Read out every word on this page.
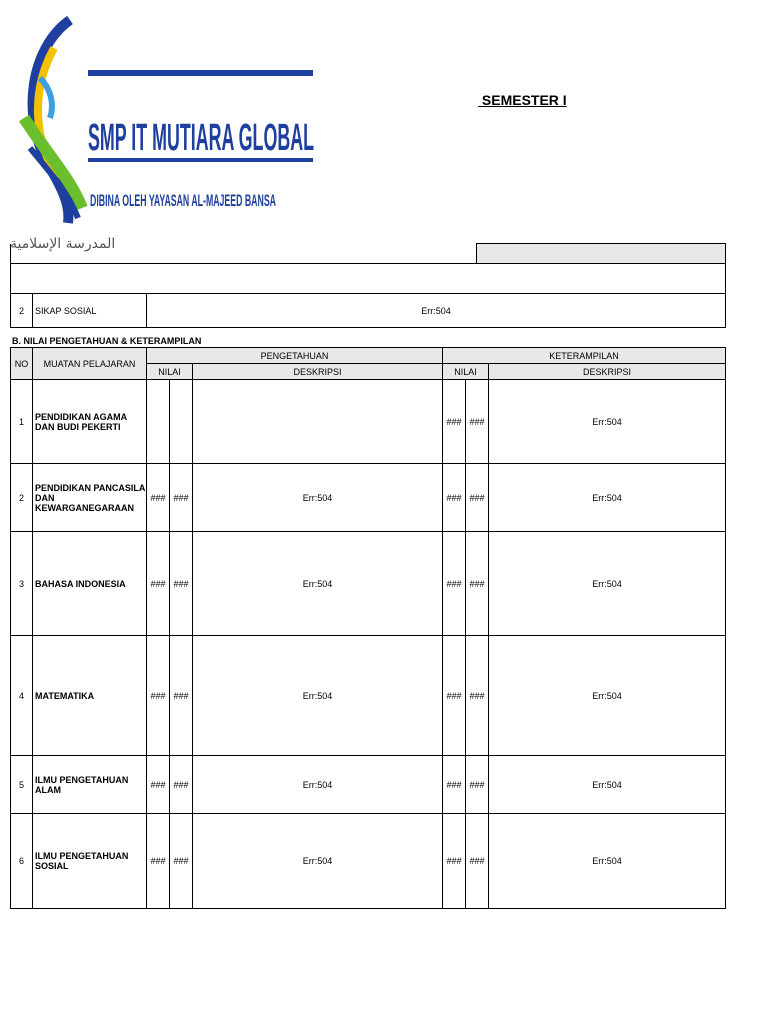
SMP IT MUTIARA GLOBAL
DIBINA OLEH YAYASAN AL-MAJEED BANSA
المدرسة الإسلامية
SEMESTER I

2	SIKAP SOSIAL	Err:504	
B. NILAI PENGETAHUAN & KETERAMPILAN
NO	MUATAN PELAJARAN	PENGETAHUAN			KETERAMPILAN		
		NILAI		DESKRIPSI	NILAI		DESKRIPSI
1	PENDIDIKAN AGAMA DAN BUDI PEKERTI				###	###	Err:504
2	PENDIDIKAN PANCASILA DAN KEWARGANEGARAAN	###	###	Err:504	###	###	Err:504
3	BAHASA INDONESIA	###	###	Err:504	###	###	Err:504
4	MATEMATIKA	###	###	Err:504	###	###	Err:504
5	ILMU PENGETAHUAN ALAM	###	###	Err:504	###	###	Err:504
6	ILMU PENGETAHUAN SOSIAL	###	###	Err:504	###	###	Err:504
